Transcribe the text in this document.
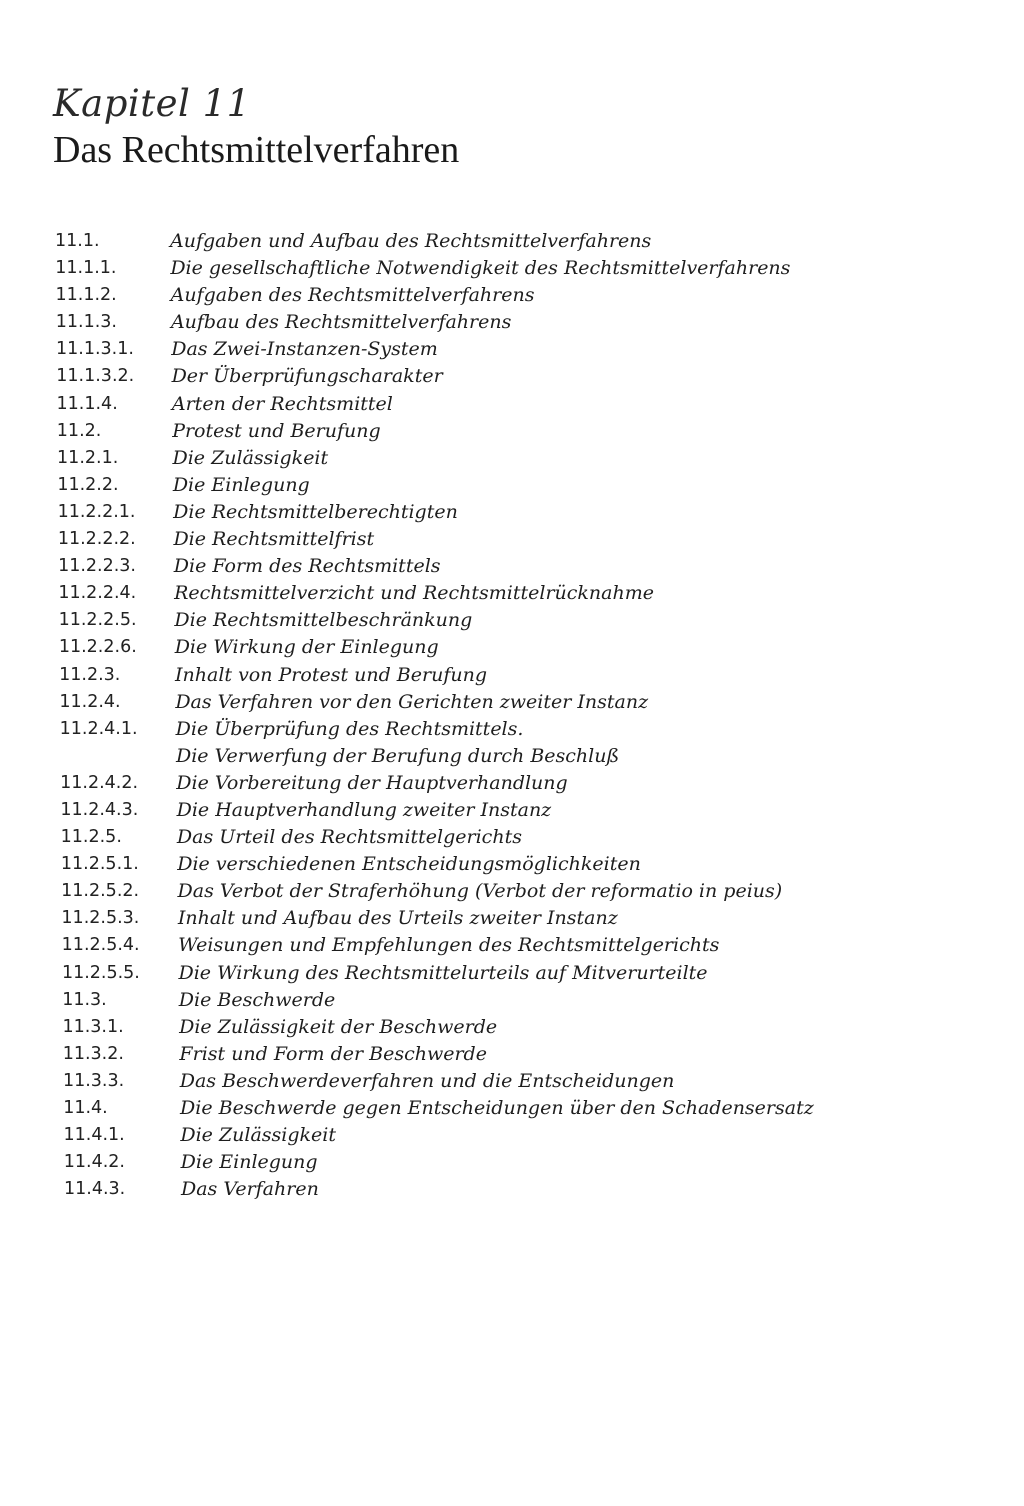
Kapitel 11
Das Rechtsmittelverfahren
11.1.	Aufgaben und Aufbau des Rechtsmittelverfahrens
11.1.1.	Die gesellschaftliche Notwendigkeit des Rechtsmittelverfahrens
11.1.2.	Aufgaben des Rechtsmittelverfahrens
11.1.3.	Aufbau des Rechtsmittelverfahrens
11.1.3.1. Das Zwei-Instanzen-System
11.1.3.2. Der Überprüfungscharakter
11.1.4.	Arten der Rechtsmittel
11.2.	Protest und Berufung
11.2.1.	Die Zulässigkeit
11.2.2.	Die Einlegung
11.2.2.1. Die Rechtsmittelberechtigten
11.2.2.2. Die Rechtsmittelfrist
11.2.2.3. Die Form des Rechtsmittels
11.2.2.4. Rechtsmittelverzicht und Rechtsmittelrücknahme
11.2.2.5. Die Rechtsmittelbeschränkung
11.2.2.6. Die Wirkung der Einlegung
11.2.3.	Inhalt von Protest und Berufung
11.2.4.	Das Verfahren vor den Gerichten zweiter Instanz
11.2.4.1. Die Überprüfung des Rechtsmittels.
Die Verwerfung der Berufung durch Beschluß
11.2.4.2. Die Vorbereitung der Hauptverhandlung
11.2.4.3. Die Hauptverhandlung zweiter Instanz
11.2.5.	Das Urteil des Rechtsmittelgerichts
11.2.5.1. Die verschiedenen Entscheidungsmöglichkeiten
11.2.5.2. Das Verbot der Straferhöhung (Verbot der reformatio in peius)
11.2.5.3. Inhalt und Aufbau des Urteils zweiter Instanz
11.2.5.4. Weisungen und Empfehlungen des Rechtsmittelgerichts
11.2.5.5. Die Wirkung des Rechtsmittelurteils auf Mitverurteilte
11.3.	Die Beschwerde
11.3.1.	Die Zulässigkeit der Beschwerde
11.3.2.	Frist und Form der Beschwerde
11.3.3.	Das Beschwerdeverfahren und die Entscheidungen
11.4.	Die Beschwerde gegen Entscheidungen über den Schadensersatz
11.4.1.	Die Zulässigkeit
11.4.2.	Die Einlegung
11.4.3.	Das Verfahren
